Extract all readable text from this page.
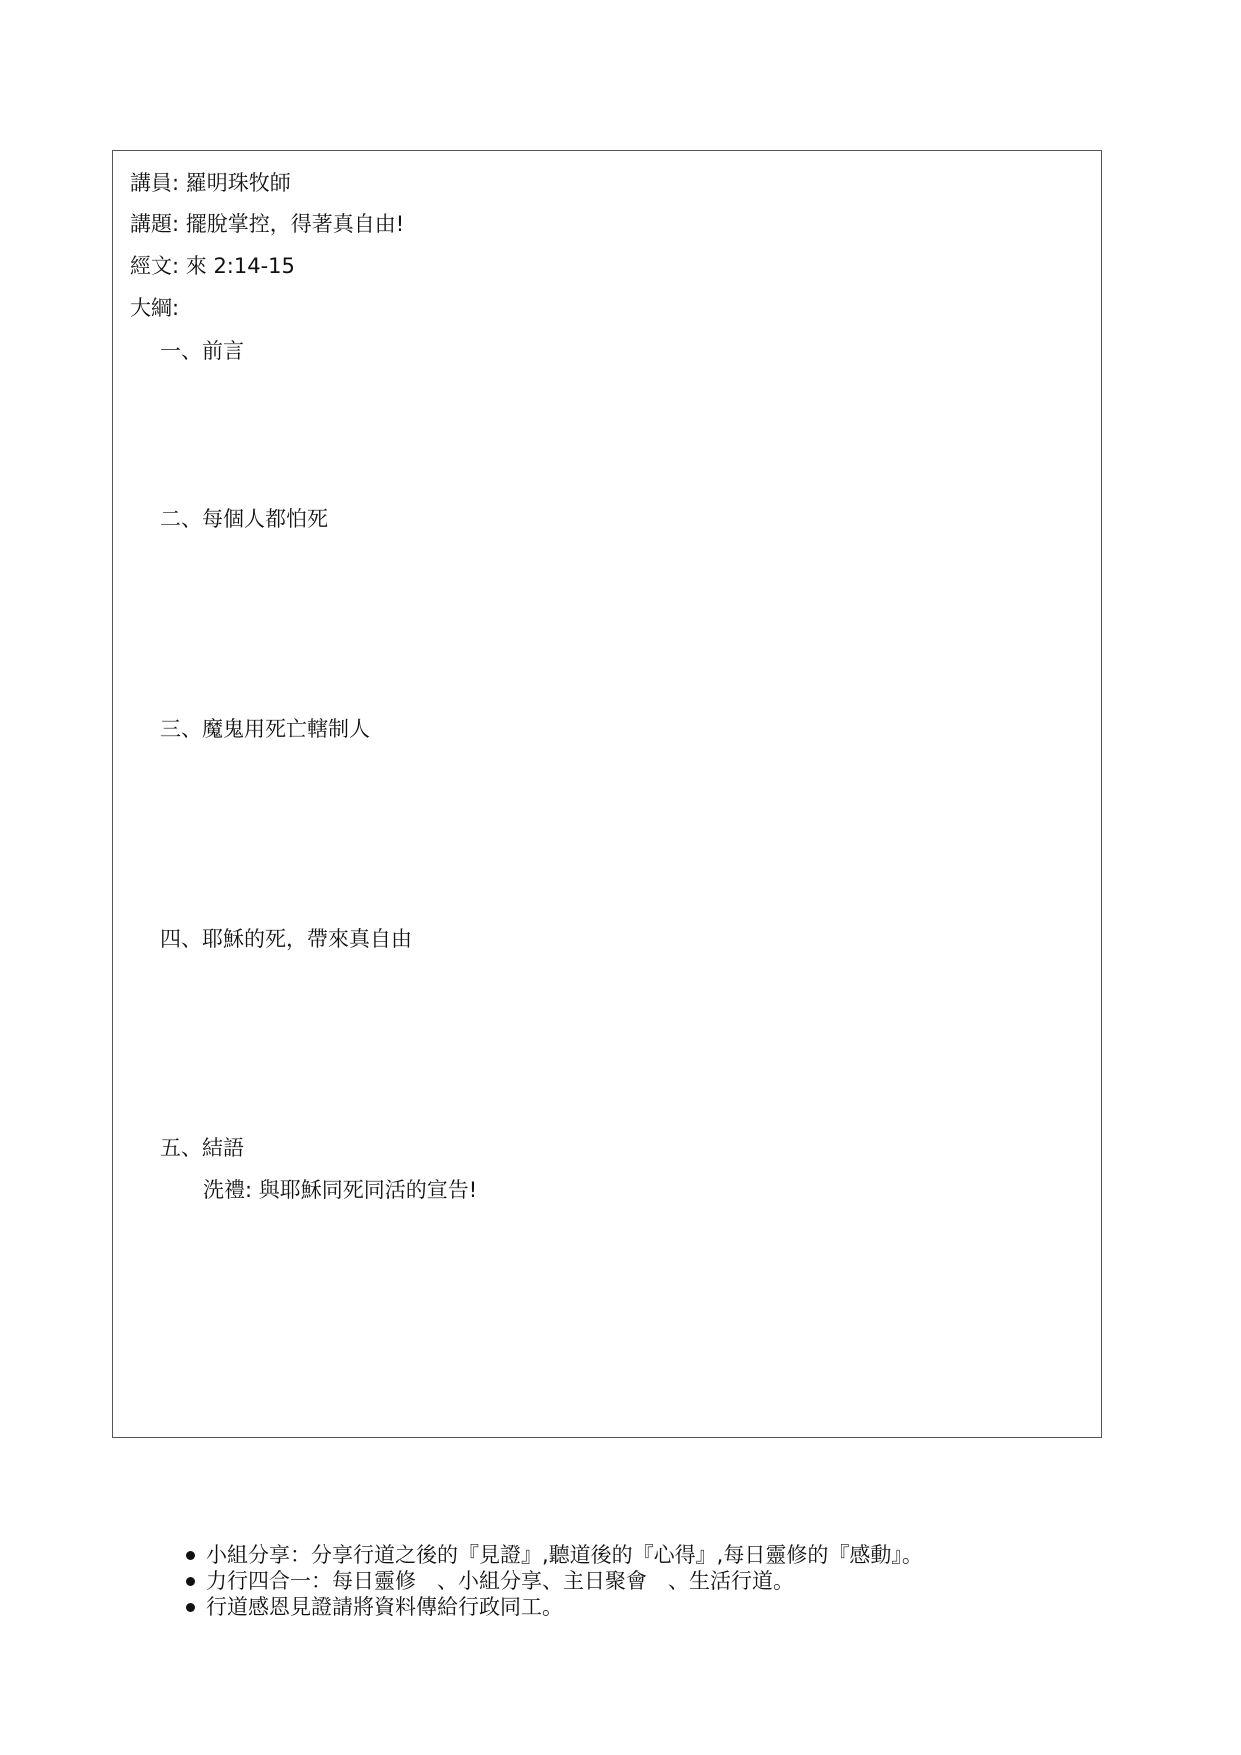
講員: 羅明珠牧師
講題: 擺脫掌控，得著真自由!
經文: 來 2:14-15
大綱:
一、前言
二、每個人都怕死
三、魔鬼用死亡轄制人
四、耶穌的死，帶來真自由
五、結語
洗禮: 與耶穌同死同活的宣告!
小組分享：分享行道之後的『見證』,聽道後的『心得』,每日靈修的『感動』。
力行四合一：每日靈修　、小組分享、主日聚會　、生活行道。
行道感恩見證請將資料傳給行政同工。
